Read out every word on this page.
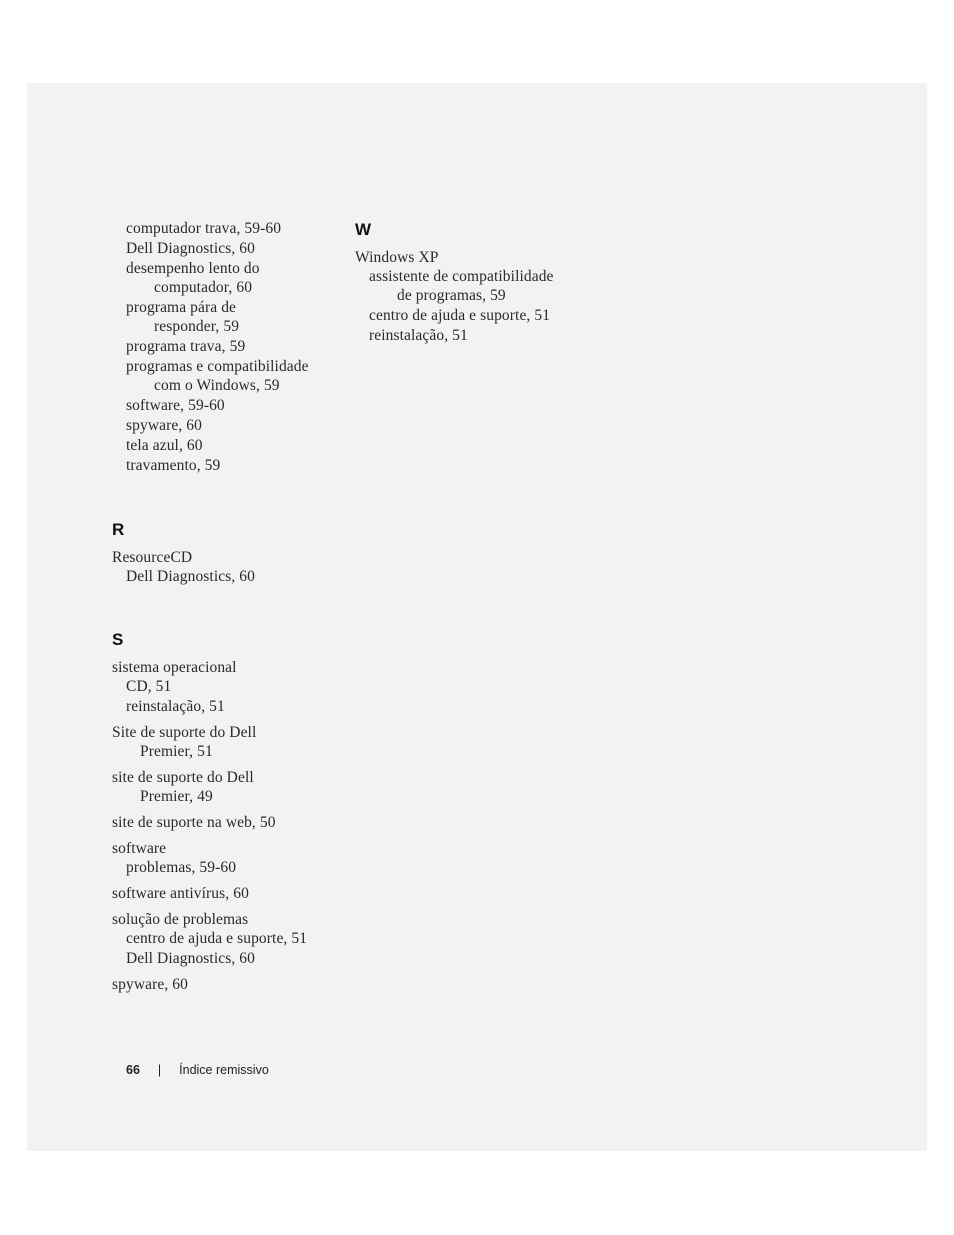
computador trava, 59-60
Dell Diagnostics, 60
desempenho lento do
computador, 60
programa pára de
responder, 59
programa trava, 59
programas e compatibilidade
com o Windows, 59
software, 59-60
spyware, 60
tela azul, 60
travamento, 59
R
ResourceCD
Dell Diagnostics, 60
S
sistema operacional
CD, 51
reinstalação, 51
Site de suporte do Dell
Premier, 51
site de suporte do Dell
Premier, 49
site de suporte na web, 50
software
problemas, 59-60
software antivírus, 60
solução de problemas
centro de ajuda e suporte, 51
Dell Diagnostics, 60
spyware, 60
W
Windows XP
assistente de compatibilidade
de programas, 59
centro de ajuda e suporte, 51
reinstalação, 51
66 | Índice remissivo
